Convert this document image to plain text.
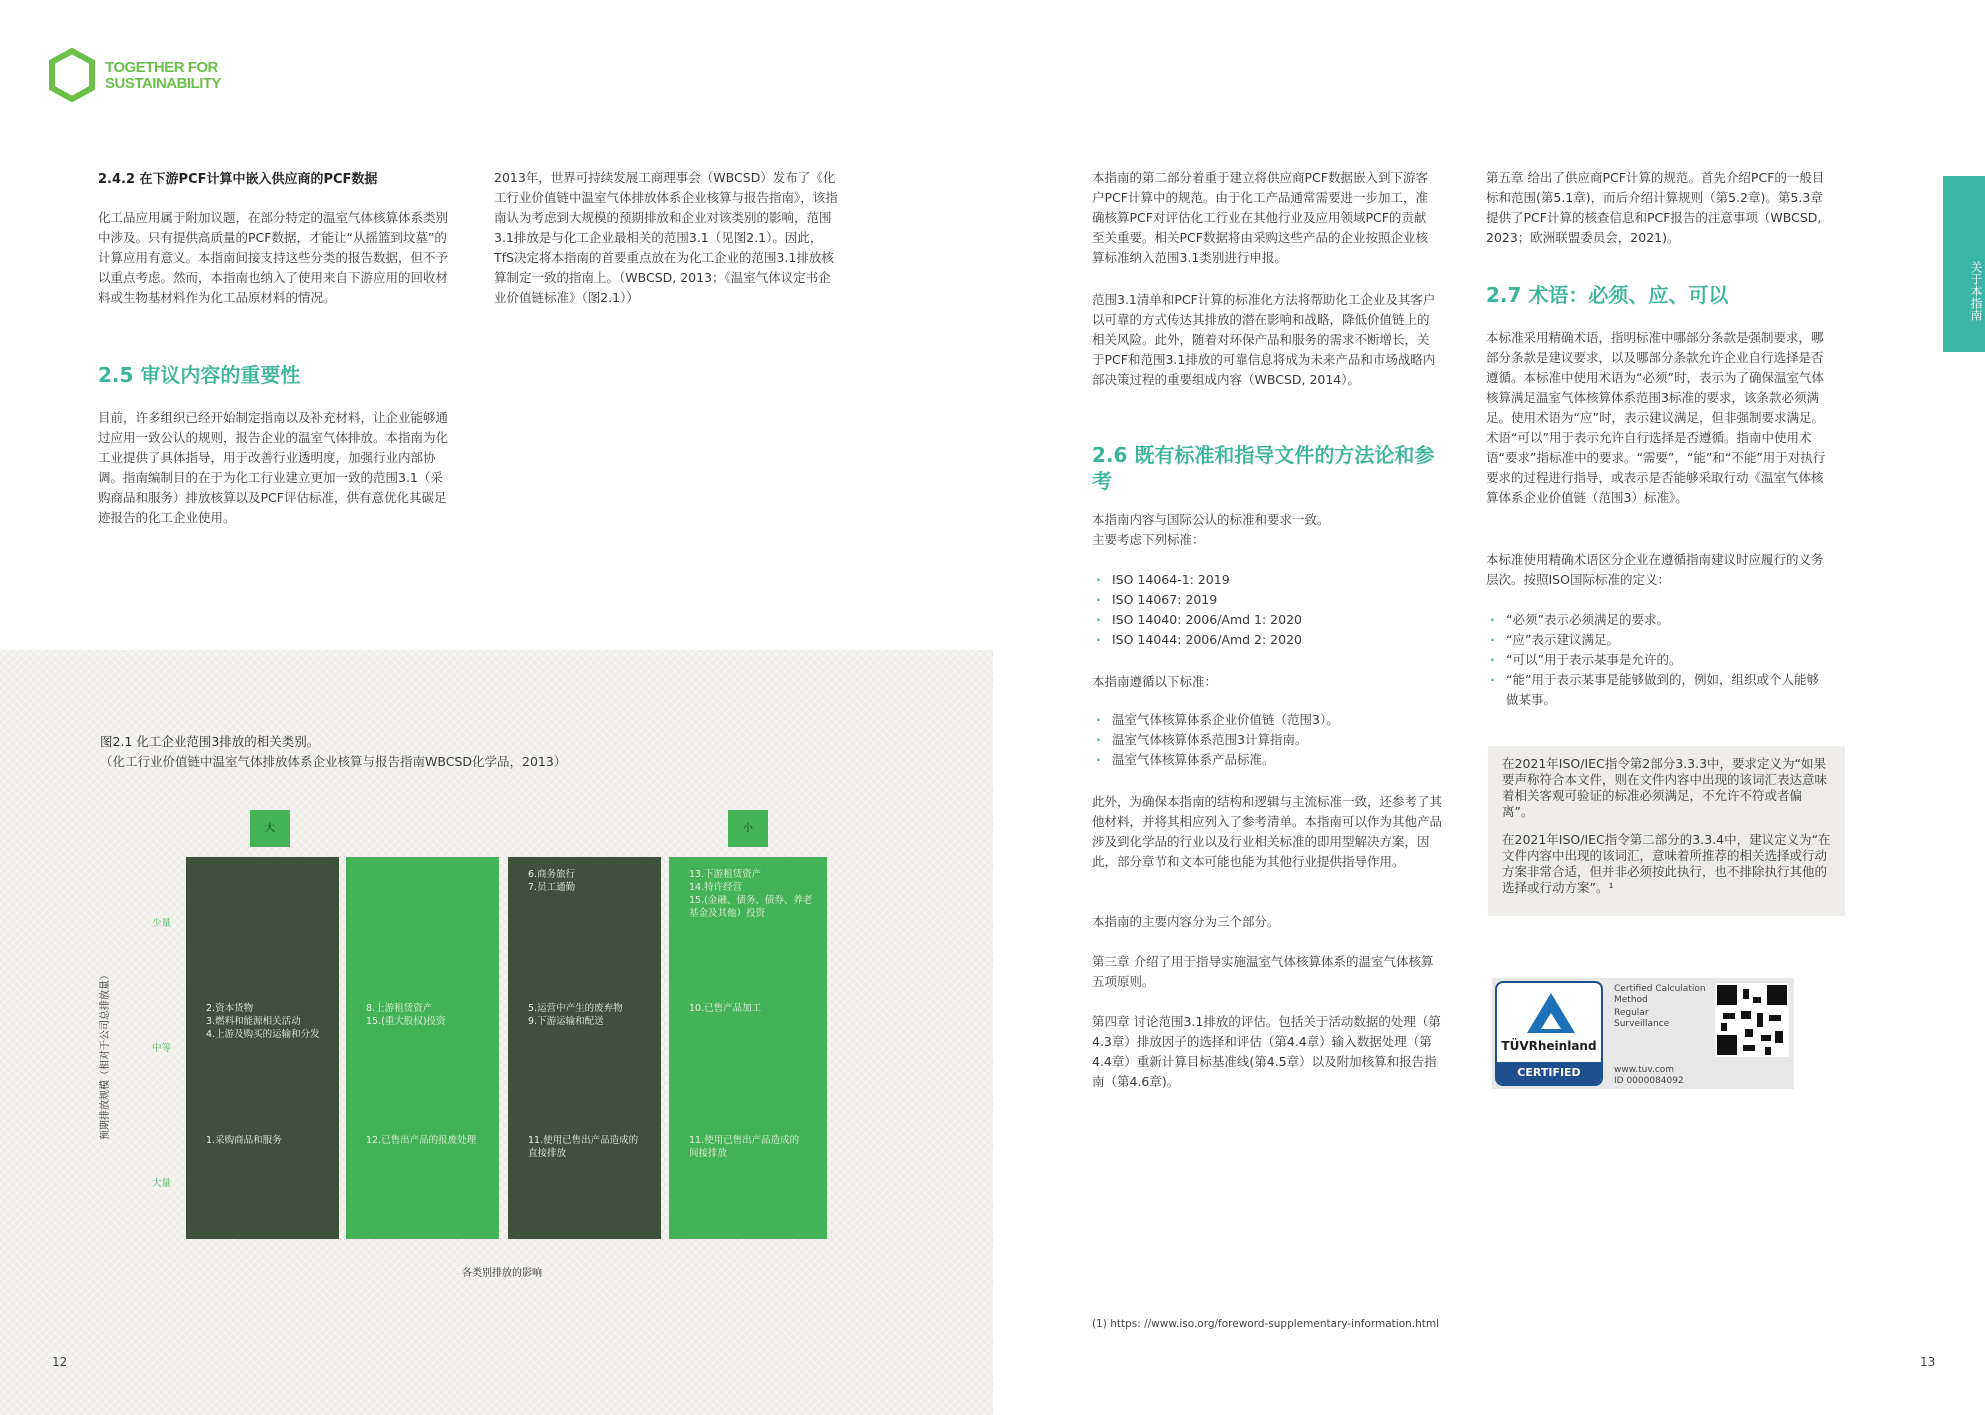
TOGETHER FOR
SUSTAINABILITY
关于本指南
2.4.2 在下游PCF计算中嵌入供应商的PCF数据
化工品应用属于附加议题，在部分特定的温室气体核算体系类别中涉及。只有提供高质量的PCF数据，才能让“从摇篮到坟墓”的计算应用有意义。本指南间接支持这些分类的报告数据，但不予以重点考虑。然而，本指南也纳入了使用来自下游应用的回收材料或生物基材料作为化工品原材料的情况。
2013年，世界可持续发展工商理事会（WBCSD）发布了《化工行业价值链中温室气体排放体系企业核算与报告指南》，该指南认为考虑到大规模的预期排放和企业对该类别的影响，范围3.1排放是与化工企业最相关的范围3.1（见图2.1）。因此，TfS决定将本指南的首要重点放在为化工企业的范围3.1排放核算制定一致的指南上。（WBCSD, 2013；《温室气体议定书企业价值链标准》（图2.1））
2.5 审议内容的重要性
目前，许多组织已经开始制定指南以及补充材料，让企业能够通过应用一致公认的规则，报告企业的温室气体排放。本指南为化工业提供了具体指导，用于改善行业透明度，加强行业内部协调。指南编制目的在于为化工行业建立更加一致的范围3.1（采购商品和服务）排放核算以及PCF评估标准，供有意优化其碳足迹报告的化工企业使用。
图2.1 化工企业范围3排放的相关类别。
（化工行业价值链中温室气体排放体系企业核算与报告指南WBCSD化学品，2013）
大	小
预期排放规模（相对于公司总排放量）
少量
中等
大量
2.资本货物
3.燃料和能源相关活动
4.上游及购买的运输和分发
1.采购商品和服务
8.上游租赁资产
15.(重大股权)投资
12.已售出产品的报废处理
6.商务旅行
7.员工通勤
5.运营中产生的废弃物
9.下游运输和配送
11.使用已售出产品造成的
直接排放
13.下游租赁资产
14.特许经营
15.(金融、债务、债券、养老
基金及其他）投资
10.已售产品加工
11.使用已售出产品造成的
间接排放
各类别排放的影响
12	13
本指南的第二部分着重于建立将供应商PCF数据嵌入到下游客户PCF计算中的规范。由于化工产品通常需要进一步加工，准确核算PCF对评估化工行业在其他行业及应用领域PCF的贡献至关重要。相关PCF数据将由采购这些产品的企业按照企业核算标准纳入范围3.1类别进行申报。
范围3.1清单和PCF计算的标准化方法将帮助化工企业及其客户以可靠的方式传达其排放的潜在影响和战略，降低价值链上的相关风险。此外，随着对环保产品和服务的需求不断增长，关于PCF和范围3.1排放的可靠信息将成为未来产品和市场战略内部决策过程的重要组成内容（WBCSD, 2014）。
2.6 既有标准和指导文件的方法论和参考
本指南内容与国际公认的标准和要求一致。
主要考虑下列标准：
· ISO 14064-1: 2019
· ISO 14067: 2019
· ISO 14040: 2006/Amd 1: 2020
· ISO 14044: 2006/Amd 2: 2020
本指南遵循以下标准：
· 温室气体核算体系企业价值链（范围3）。
· 温室气体核算体系范围3计算指南。
· 温室气体核算体系产品标准。
此外，为确保本指南的结构和逻辑与主流标准一致，还参考了其他材料，并将其相应列入了参考清单。本指南可以作为其他产品涉及到化学品的行业以及行业相关标准的即用型解决方案，因此，部分章节和文本可能也能为其他行业提供指导作用。
本指南的主要内容分为三个部分。
第三章 介绍了用于指导实施温室气体核算体系的温室气体核算五项原则。
第四章 讨论范围3.1排放的评估。包括关于活动数据的处理（第4.3章）排放因子的选择和评估（第4.4章）输入数据处理（第4.4章）重新计算目标基准线(第4.5章）以及附加核算和报告指南（第4.6章)。
(1) https: //www.iso.org/foreword-supplementary-information.html
第五章 给出了供应商PCF计算的规范。首先介绍PCF的一般目标和范围(第5.1章)，而后介绍计算规则（第5.2章)。第5.3章提供了PCF计算的核查信息和PCF报告的注意事项（WBCSD, 2023；欧洲联盟委员会，2021)。
2.7 术语：必须、应、可以
本标准采用精确术语，指明标准中哪部分条款是强制要求，哪部分条款是建议要求，以及哪部分条款允许企业自行选择是否遵循。本标准中使用术语为“必须”时，表示为了确保温室气体核算满足温室气体核算体系范围3标准的要求，该条款必须满足。使用术语为“应”时，表示建议满足，但非强制要求满足。术语“可以”用于表示允许自行选择是否遵循。指南中使用术语“要求”指标准中的要求。“需要”，“能”和“不能”用于对执行要求的过程进行指导，或表示是否能够采取行动《温室气体核算体系企业价值链（范围3）标准》。
本标准使用精确术语区分企业在遵循指南建议时应履行的义务层次。按照ISO国际标准的定义：
· “必须”表示必须满足的要求。
· “应”表示建议满足。
· “可以”用于表示某事是允许的。
· “能”用于表示某事是能够做到的，例如，组织或个人能够做某事。

在2021年ISO/IEC指令第2部分3.3.3中，要求定义为“如果要声称符合本文件，则在文件内容中出现的该词汇表达意味着相关客观可验证的标准必须满足，不允许不符或者偏离”。

在2021年ISO/IEC指令第二部分的3.3.4中，建议定义为“在文件内容中出现的该词汇，意味着所推荐的相关选择或行动方案非常合适，但并非必须按此执行，也不排除执行其他的选择或行动方案”。¹

TÜVRheinland
CERTIFIED
Certified Calculation
Method
Regular
Surveillance
www.tuv.com
ID 0000084092
